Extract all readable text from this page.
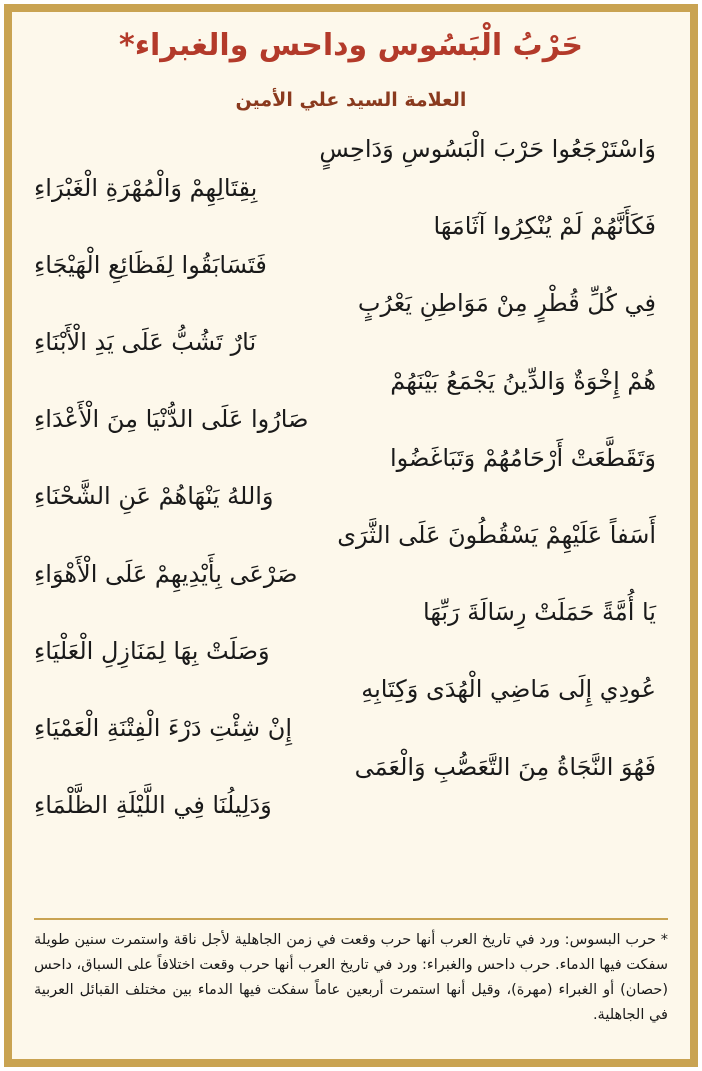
حَرْبُ الْبَسُوس وداحس والغبراء*
العلامة السيد علي الأمين
وَاسْتَرْجَعُوا حَرْبَ الْبَسُوسِ وَدَاحِسٍ
بِقِتَالِهِمْ وَالْمُهْرَةِ الْغَبْرَاءِ
فَكَأَنَّهُمْ لَمْ يُنْكِرُوا آثَامَهَا
فَتَسَابَقُوا لِفَظَائِعِ الْهَيْجَاءِ
فِي كُلِّ قُطْرٍ مِنْ مَوَاطِنِ يَعْرُبٍ
نَارٌ تَشُبُّ عَلَى يَدِ الْأَبْنَاءِ
هُمْ إِخْوَةٌ وَالدِّينُ يَجْمَعُ بَيْنَهُمْ
صَارُوا عَلَى الدُّنْيَا مِنَ الْأَعْدَاءِ
وَتَقَطَّعَتْ أَرْحَامُهُمْ وَتَبَاغَضُوا
وَاللهُ يَنْهَاهُمْ عَنِ الشَّحْنَاءِ
أَسَفاً عَلَيْهِمْ يَسْقُطُونَ عَلَى الثَّرَى
صَرْعَى بِأَيْدِيهِمْ عَلَى الْأَهْوَاءِ
يَا أُمَّةً حَمَلَتْ رِسَالَةَ رَبِّهَا
وَصَلَتْ بِهَا لِمَنَازِلِ الْعَلْيَاءِ
عُودِي إِلَى مَاضِي الْهُدَى وَكِتَابِهِ
إِنْ شِئْتِ دَرْءَ الْفِتْنَةِ الْعَمْيَاءِ
فَهُوَ النَّجَاةُ مِنَ التَّعَصُّبِ وَالْعَمَى
وَدَلِيلُنَا فِي اللَّيْلَةِ الظَّلْمَاءِ

* حرب البسوس: ورد في تاريخ العرب أنها حرب وقعت في زمن الجاهلية لأجل ناقة واستمرت سنين طويلة سفكت فيها الدماء. حرب داحس والغبراء: ورد في تاريخ العرب أنها حرب وقعت اختلافاً على السباق، داحس (حصان) أو الغبراء (مهرة)، وقيل أنها استمرت أربعين عاماً سفكت فيها الدماء بين مختلف القبائل العربية في الجاهلية.
